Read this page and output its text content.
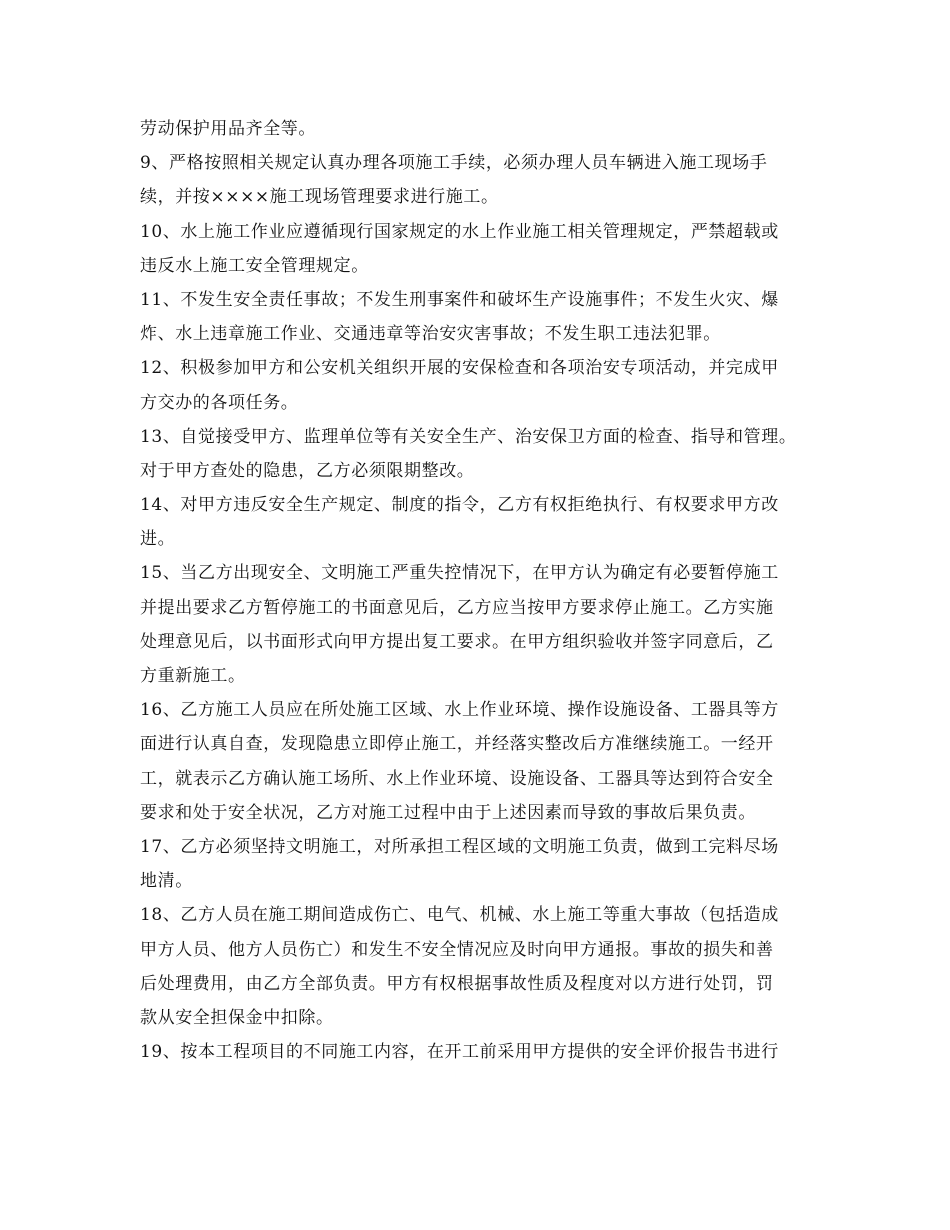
劳动保护用品齐全等。
9、严格按照相关规定认真办理各项施工手续，必须办理人员车辆进入施工现场手
续，并按××××施工现场管理要求进行施工。
10、水上施工作业应遵循现行国家规定的水上作业施工相关管理规定，严禁超载或
违反水上施工安全管理规定。
11、不发生安全责任事故；不发生刑事案件和破坏生产设施事件；不发生火灾、爆
炸、水上违章施工作业、交通违章等治安灾害事故；不发生职工违法犯罪。
12、积极参加甲方和公安机关组织开展的安保检查和各项治安专项活动，并完成甲
方交办的各项任务。
13、自觉接受甲方、监理单位等有关安全生产、治安保卫方面的检查、指导和管理。
对于甲方查处的隐患，乙方必须限期整改。
14、对甲方违反安全生产规定、制度的指令，乙方有权拒绝执行、有权要求甲方改
进。
15、当乙方出现安全、文明施工严重失控情况下，在甲方认为确定有必要暂停施工
并提出要求乙方暂停施工的书面意见后，乙方应当按甲方要求停止施工。乙方实施
处理意见后，以书面形式向甲方提出复工要求。在甲方组织验收并签字同意后，乙
方重新施工。
16、乙方施工人员应在所处施工区域、水上作业环境、操作设施设备、工器具等方
面进行认真自查，发现隐患立即停止施工，并经落实整改后方准继续施工。一经开
工，就表示乙方确认施工场所、水上作业环境、设施设备、工器具等达到符合安全
要求和处于安全状况，乙方对施工过程中由于上述因素而导致的事故后果负责。
17、乙方必须坚持文明施工，对所承担工程区域的文明施工负责，做到工完料尽场
地清。
18、乙方人员在施工期间造成伤亡、电气、机械、水上施工等重大事故（包括造成
甲方人员、他方人员伤亡）和发生不安全情况应及时向甲方通报。事故的损失和善
后处理费用，由乙方全部负责。甲方有权根据事故性质及程度对以方进行处罚，罚
款从安全担保金中扣除。
19、按本工程项目的不同施工内容，在开工前采用甲方提供的安全评价报告书进行
